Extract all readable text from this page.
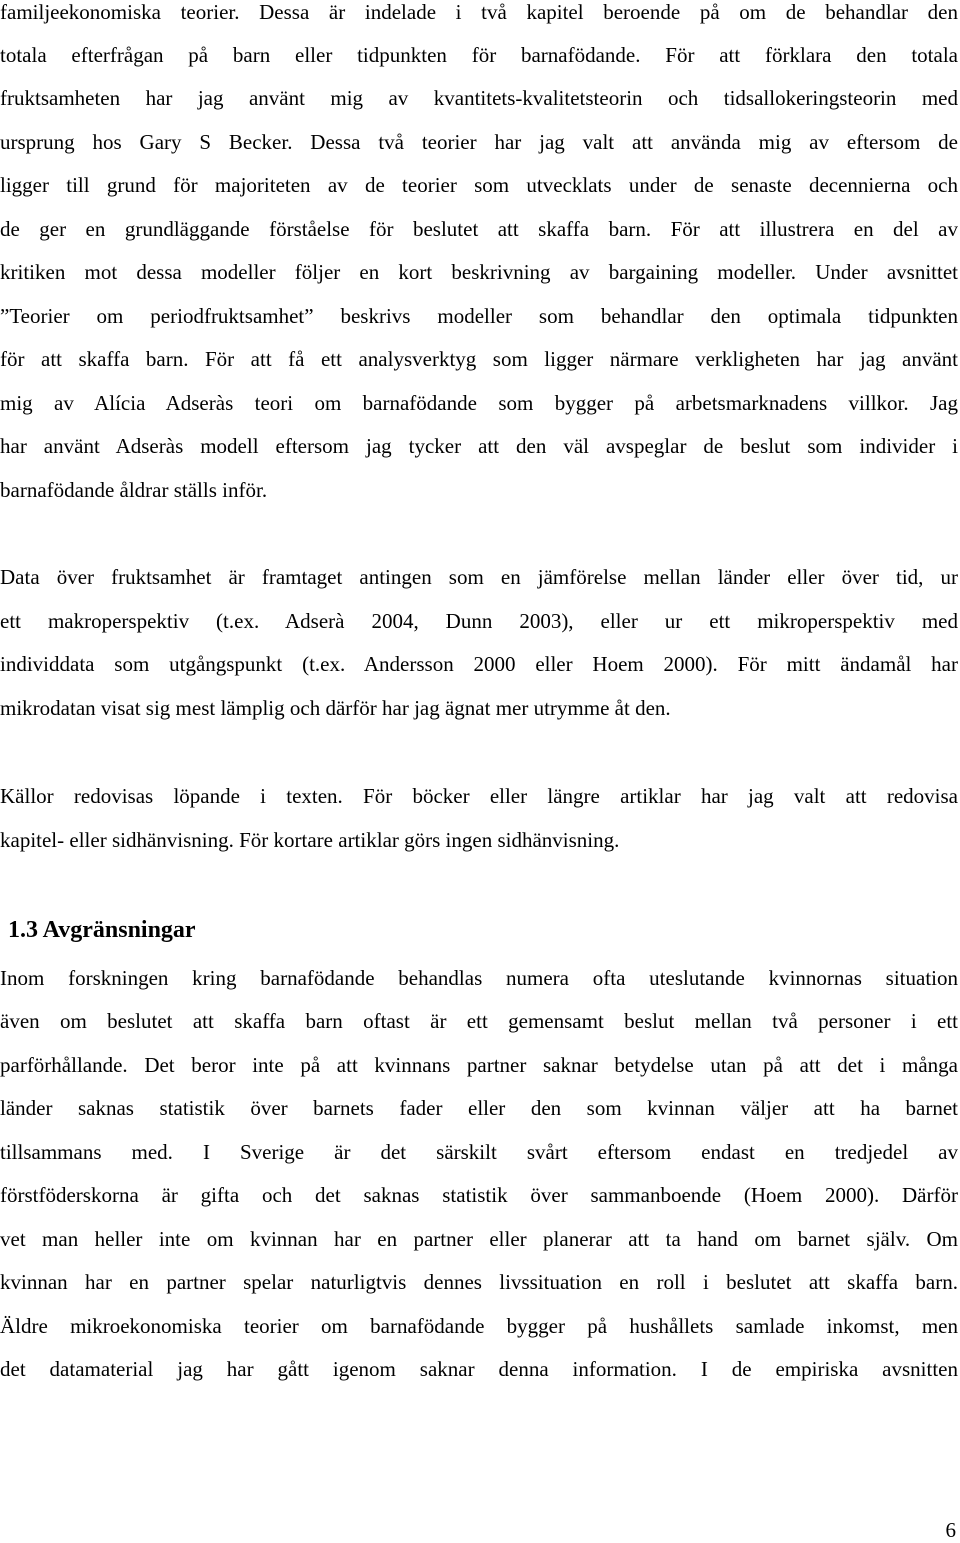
familjeekonomiska teorier. Dessa är indelade i två kapitel beroende på om de behandlar den

totala efterfrågan på barn eller tidpunkten för barnafödande. För att förklara den totala

fruktsamheten har jag använt mig av kvantitets-kvalitetsteorin och tidsallokeringsteorin med

ursprung hos Gary S Becker. Dessa två teorier har jag valt att använda mig av eftersom de

ligger till grund för majoriteten av de teorier som utvecklats under de senaste decennierna och

de ger en grundläggande förståelse för beslutet att skaffa barn. För att illustrera en del av

kritiken mot dessa modeller följer en kort beskrivning av bargaining modeller. Under avsnittet

”Teorier om periodfruktsamhet” beskrivs modeller som behandlar den optimala tidpunkten

för att skaffa barn. För att få ett analysverktyg som ligger närmare verkligheten har jag använt

mig av Alícia Adseràs teori om barnafödande som bygger på arbetsmarknadens villkor. Jag

har använt Adseràs modell eftersom jag tycker att den väl avspeglar de beslut som individer i

barnafödande åldrar ställs inför.

Data över fruktsamhet är framtaget antingen som en jämförelse mellan länder eller över tid, ur

ett makroperspektiv (t.ex. Adserà 2004, Dunn 2003), eller ur ett mikroperspektiv med

individdata som utgångspunkt (t.ex. Andersson 2000 eller Hoem 2000). För mitt ändamål har

mikrodatan visat sig mest lämplig och därför har jag ägnat mer utrymme åt den.

Källor redovisas löpande i texten. För böcker eller längre artiklar har jag valt att redovisa

kapitel- eller sidhänvisning. För kortare artiklar görs ingen sidhänvisning.

1.3 Avgränsningar

Inom forskningen kring barnafödande behandlas numera ofta uteslutande kvinnornas situation

även om beslutet att skaffa barn oftast är ett gemensamt beslut mellan två personer i ett

parförhållande. Det beror inte på att kvinnans partner saknar betydelse utan på att det i många

länder saknas statistik över barnets fader eller den som kvinnan väljer att ha barnet

tillsammans med. I Sverige är det särskilt svårt eftersom endast en tredjedel av

förstföderskorna är gifta och det saknas statistik över sammanboende (Hoem 2000). Därför

vet man heller inte om kvinnan har en partner eller planerar att ta hand om barnet själv. Om

kvinnan har en partner spelar naturligtvis dennes livssituation en roll i beslutet att skaffa barn.

Äldre mikroekonomiska teorier om barnafödande bygger på hushållets samlade inkomst, men

det datamaterial jag har gått igenom saknar denna information. I de empiriska avsnitten

6
